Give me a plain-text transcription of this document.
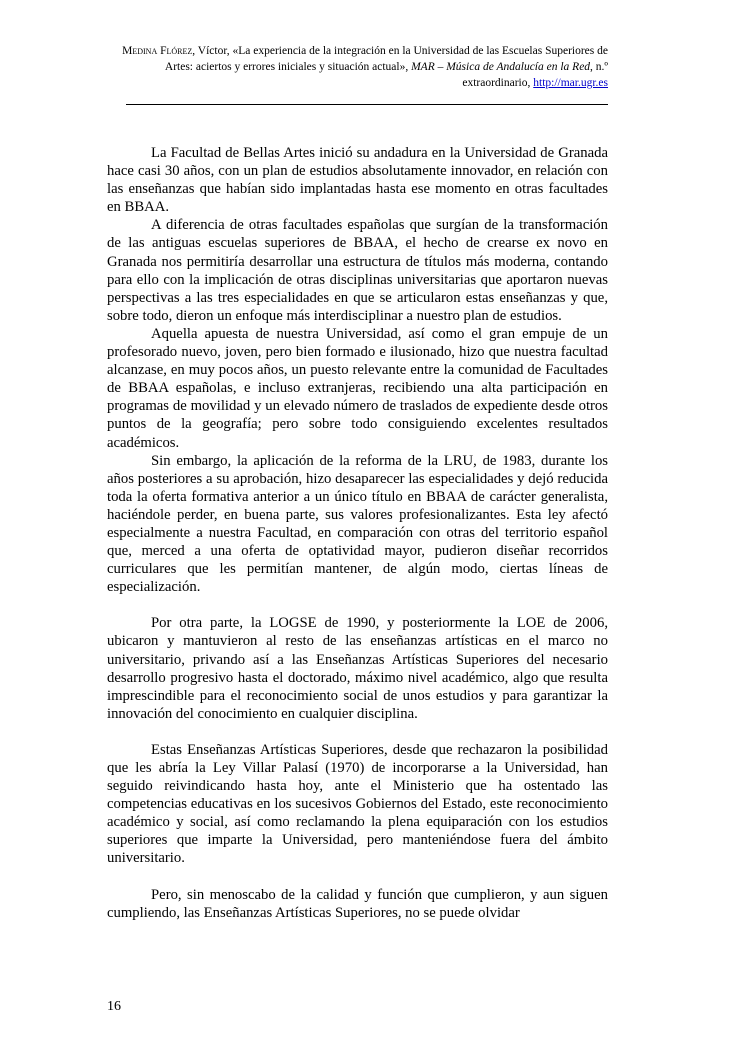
Medina Flórez, Víctor, «La experiencia de la integración en la Universidad de las Escuelas Superiores de Artes: aciertos y errores iniciales y situación actual», MAR – Música de Andalucía en la Red, n.º extraordinario, http://mar.ugr.es

La Facultad de Bellas Artes inició su andadura en la Universidad de Granada hace casi 30 años, con un plan de estudios absolutamente innovador, en relación con las enseñanzas que habían sido implantadas hasta ese momento en otras facultades en BBAA.

A diferencia de otras facultades españolas que surgían de la transformación de las antiguas escuelas superiores de BBAA, el hecho de crearse ex novo en Granada nos permitiría desarrollar una estructura de títulos más moderna, contando para ello con la implicación de otras disciplinas universitarias que aportaron nuevas perspectivas a las tres especialidades en que se articularon estas enseñanzas y que, sobre todo, dieron un enfoque más interdisciplinar a nuestro plan de estudios.

Aquella apuesta de nuestra Universidad, así como el gran empuje de un profesorado nuevo, joven, pero bien formado e ilusionado, hizo que nuestra facultad alcanzase, en muy pocos años, un puesto relevante entre la comunidad de Facultades de BBAA españolas, e incluso extranjeras, recibiendo una alta participación en programas de movilidad y un elevado número de traslados de expediente desde otros puntos de la geografía; pero sobre todo consiguiendo excelentes resultados académicos.

Sin embargo, la aplicación de la reforma de la LRU, de 1983, durante los años posteriores a su aprobación, hizo desaparecer las especialidades y dejó reducida toda la oferta formativa anterior a un único título en BBAA de carácter generalista, haciéndole perder, en buena parte, sus valores profesionalizantes. Esta ley afectó especialmente a nuestra Facultad, en comparación con otras del territorio español que, merced a una oferta de optatividad mayor, pudieron diseñar recorridos curriculares que les permitían mantener, de algún modo, ciertas líneas de especialización.

Por otra parte, la LOGSE de 1990, y posteriormente la LOE de 2006, ubicaron y mantuvieron al resto de las enseñanzas artísticas en el marco no universitario, privando así a las Enseñanzas Artísticas Superiores del necesario desarrollo progresivo hasta el doctorado, máximo nivel académico, algo que resulta imprescindible para el reconocimiento social de unos estudios y para garantizar la innovación del conocimiento en cualquier disciplina.

Estas Enseñanzas Artísticas Superiores, desde que rechazaron la posibilidad que les abría la Ley Villar Palasí (1970) de incorporarse a la Universidad, han seguido reivindicando hasta hoy, ante el Ministerio que ha ostentado las competencias educativas en los sucesivos Gobiernos del Estado, este reconocimiento académico y social, así como reclamando la plena equiparación con los estudios superiores que imparte la Universidad, pero manteniéndose fuera del ámbito universitario.

Pero, sin menoscabo de la calidad y función que cumplieron, y aun siguen cumpliendo, las Enseñanzas Artísticas Superiores, no se puede olvidar

16
